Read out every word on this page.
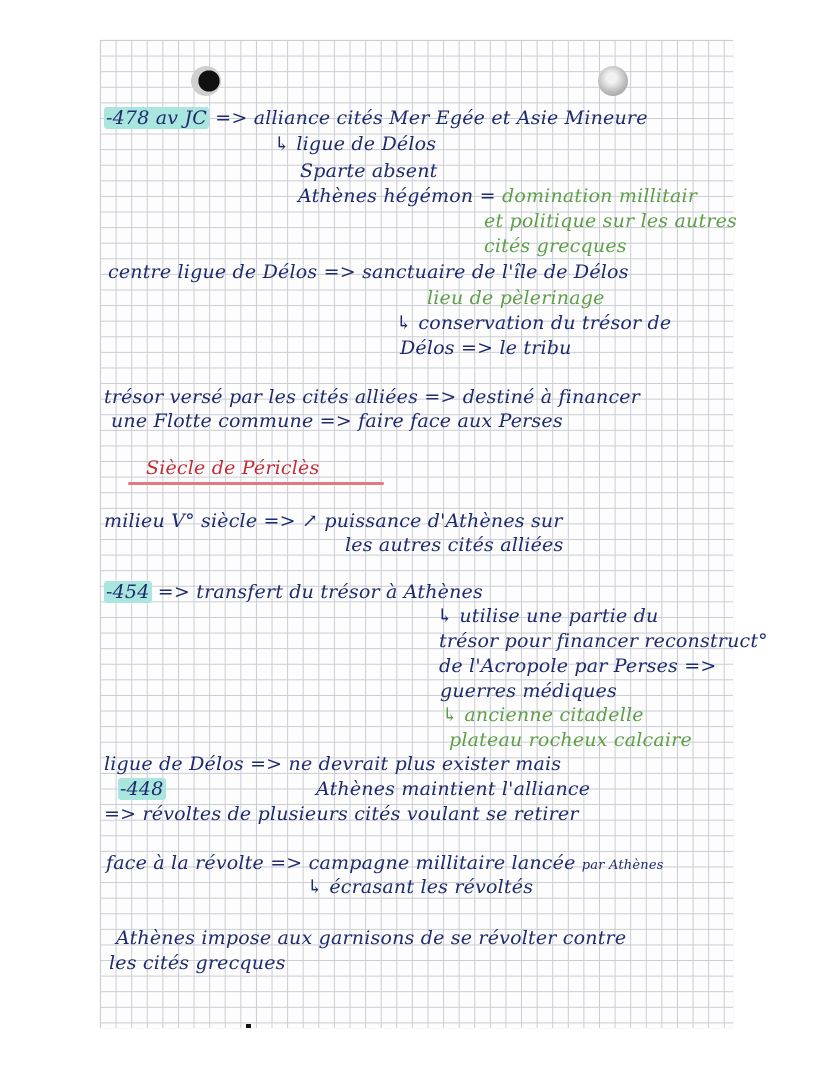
-478 av JC => alliance cités Mer Egée et Asie Mineure
↳ ligue de Délos
Sparte absent
Athènes hégémon = domination millitair
et politique sur les autres
cités grecques
centre ligue de Délos => sanctuaire de l'île de Délos
lieu de pèlerinage
↳ conservation du trésor de
Délos => le tribu
trésor versé par les cités alliées => destiné à financer
une Flotte commune => faire face aux Perses
Siècle de Périclès
milieu V° siècle => ↗ puissance d'Athènes sur
les autres cités alliées
-454 => transfert du trésor à Athènes
↳ utilise une partie du
trésor pour financer reconstruct°
de l'Acropole par Perses =>
guerres médiques
↳ ancienne citadelle
plateau rocheux calcaire
ligue de Délos => ne devrait plus exister mais
-448	Athènes maintient l'alliance
=> révoltes de plusieurs cités voulant se retirer
face à la révolte => campagne millitaire lancée par Athènes
↳ écrasant les révoltés
Athènes impose aux garnisons de se révolter contre
les cités grecques
